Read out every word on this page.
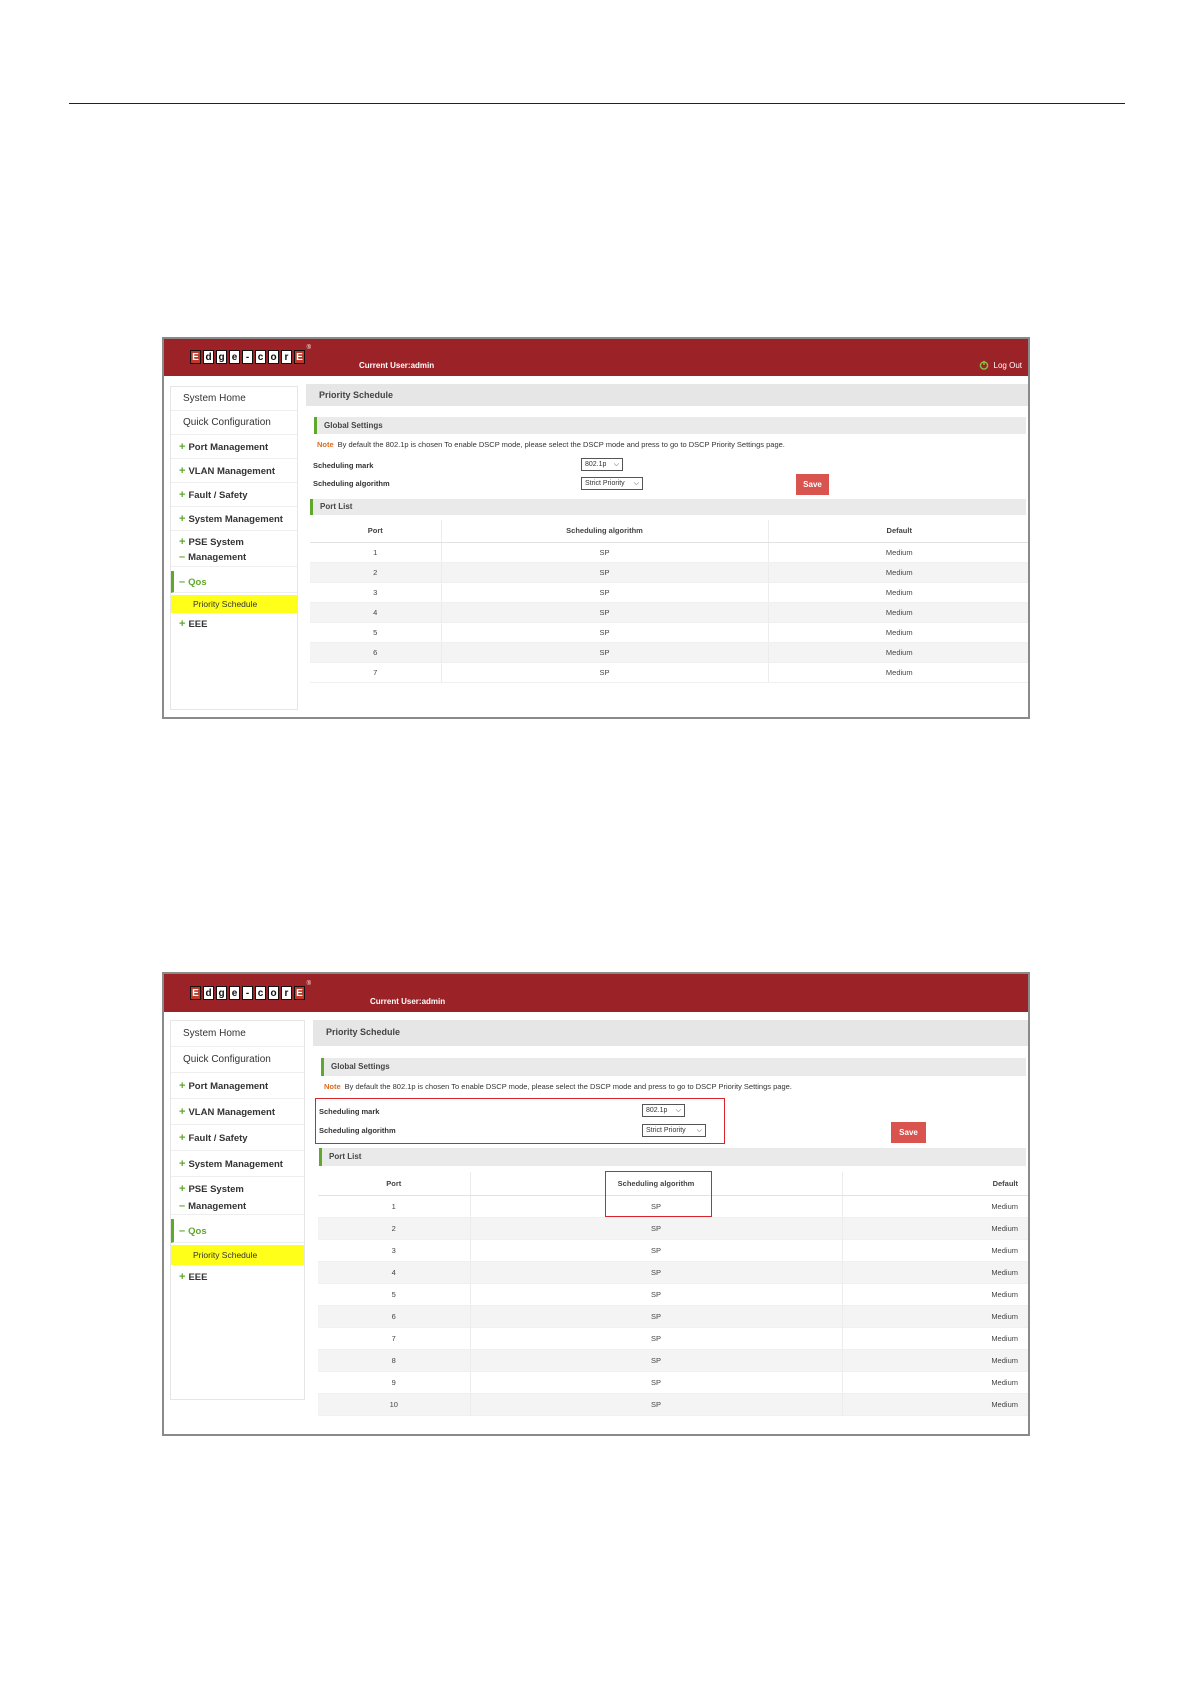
E d g e - c o r E
®
Current User:admin	Log Out
System Home
Quick Configuration
+ Port Management
+ VLAN Management
+ Fault / Safety
+ System Management
+ PSE System
– Management
– Qos
Priority Schedule
+ EEE
Priority Schedule
Global Settings
Note By default the 802.1p is chosen To enable DSCP mode, please select the DSCP mode and press to go to DSCP Priority Settings page.
Scheduling mark	802.1p ⌵
Scheduling algorithm	Strict Priority ⌵	Save
Port List
Port	Scheduling algorithm	Default
1	SP	Medium
2	SP	Medium
3	SP	Medium
4	SP	Medium
5	SP	Medium
6	SP	Medium
7	SP	Medium
E d g e - c o r E
®
Current User:admin
System Home
Quick Configuration
+ Port Management
+ VLAN Management
+ Fault / Safety
+ System Management
+ PSE System
– Management
– Qos
Priority Schedule
+ EEE
Priority Schedule
Global Settings
Note By default the 802.1p is chosen To enable DSCP mode, please select the DSCP mode and press to go to DSCP Priority Settings page.
Scheduling mark	802.1p ⌵
Scheduling algorithm	Strict Priority ⌵	Save
Port List
Port	Scheduling algorithm	Default
1	SP	Medium
2	SP	Medium
3	SP	Medium
4	SP	Medium
5	SP	Medium
6	SP	Medium
7	SP	Medium
8	SP	Medium
9	SP	Medium
10	SP	Medium
